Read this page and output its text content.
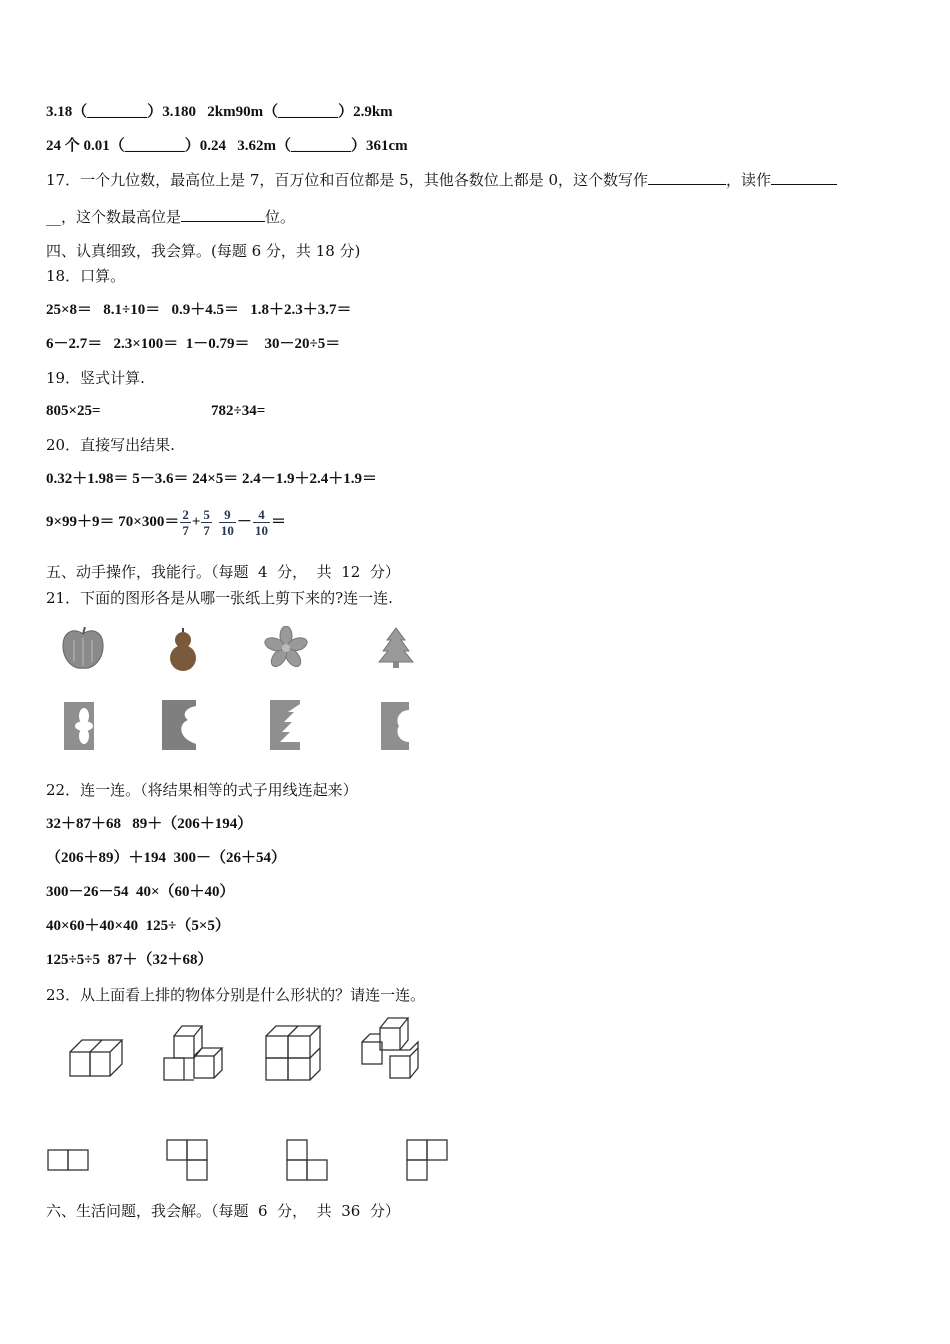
3.18（________）3.180   2km90m（________）2.9km
24 个 0.01（________）0.24   3.62m（________）361cm
17．一个九位数，最高位上是 7，百万位和百位都是 5，其他各数位上都是 0，这个数写作	，读作
__，这个数最高位是	位。
四、认真细致，我会算。(每题 6 分，共 18 分)
18．口算。
25×8＝   8.1÷10＝   0.9＋4.5＝   1.8＋2.3＋3.7＝
6－2.7＝   2.3×100＝  1－0.79＝    30－20÷5＝
19．竖式计算.
805×25=	782÷34=
20．直接写出结果.
0.32＋1.98＝ 5－3.6＝ 24×5＝ 2.4－1.9＋2.4＋1.9＝
$9\times 99+9= 70\times 300= \frac{2}{7} + \frac{5}{7} \frac{9}{10} - \frac{4}{10}$ ＝
五、动手操作，我能行。（每题  4  分，  共  12  分）
21．下面的图形各是从哪一张纸上剪下来的?连一连.
22．连一连。（将结果相等的式子用线连起来）
32＋87＋68   89＋（206＋194）
（206＋89）＋194  300－（26＋54）
300－26－54  40×（60＋40）
40×60＋40×40  125÷（5×5）
125÷5÷5  87＋（32＋68）
23．从上面看上排的物体分别是什么形状的？请连一连。
六、生活问题，我会解。（每题  6  分，  共  36  分）
